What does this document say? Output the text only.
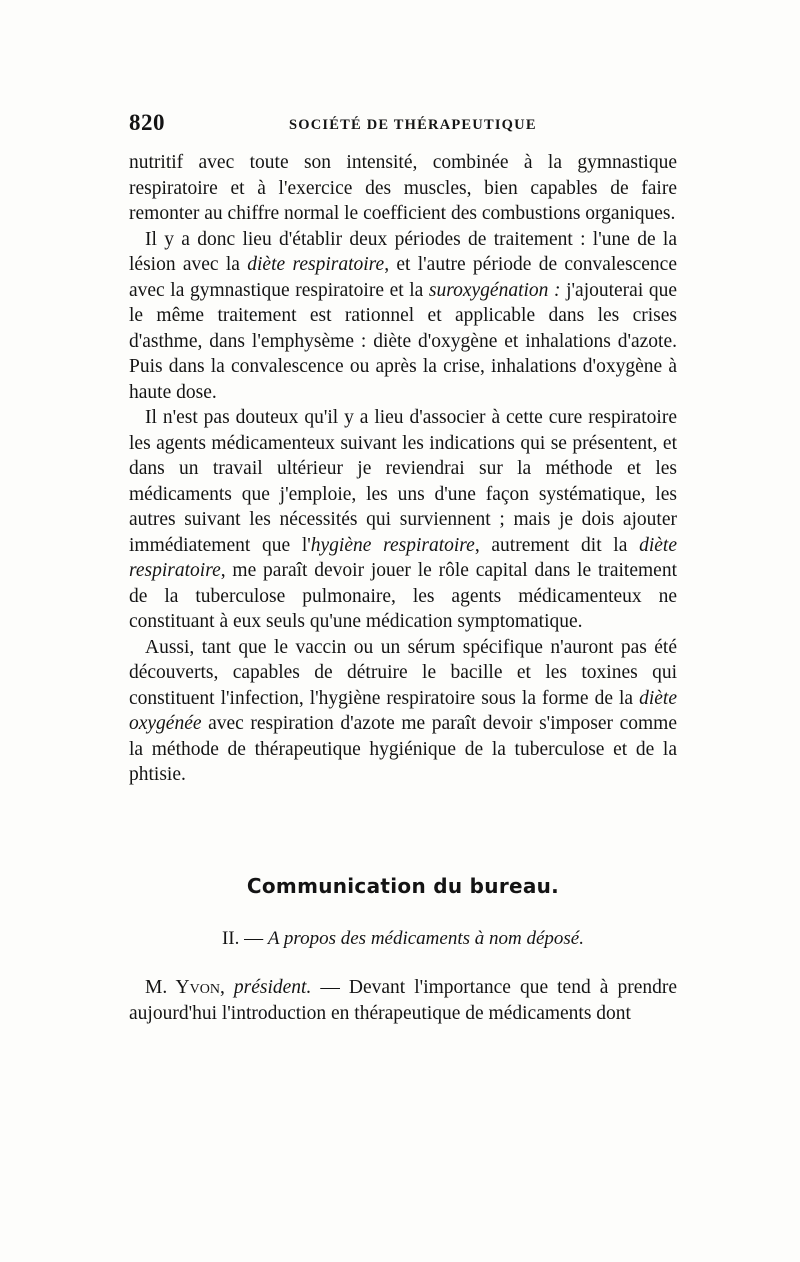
820	SOCIÉTÉ DE THÉRAPEUTIQUE

nutritif avec toute son intensité, combinée à la gymnastique respiratoire et à l'exercice des muscles, bien capables de faire remonter au chiffre normal le coefficient des combustions organiques.

Il y a donc lieu d'établir deux périodes de traitement : l'une de la lésion avec la diète respiratoire, et l'autre période de convalescence avec la gymnastique respiratoire et la suroxygénation : j'ajouterai que le même traitement est rationnel et applicable dans les crises d'asthme, dans l'emphysème : diète d'oxygène et inhalations d'azote. Puis dans la convalescence ou après la crise, inhalations d'oxygène à haute dose.

Il n'est pas douteux qu'il y a lieu d'associer à cette cure respiratoire les agents médicamenteux suivant les indications qui se présentent, et dans un travail ultérieur je reviendrai sur la méthode et les médicaments que j'emploie, les uns d'une façon systématique, les autres suivant les nécessités qui surviennent ; mais je dois ajouter immédiatement que l'hygiène respiratoire, autrement dit la diète respiratoire, me paraît devoir jouer le rôle capital dans le traitement de la tuberculose pulmonaire, les agents médicamenteux ne constituant à eux seuls qu'une médication symptomatique.

Aussi, tant que le vaccin ou un sérum spécifique n'auront pas été découverts, capables de détruire le bacille et les toxines qui constituent l'infection, l'hygiène respiratoire sous la forme de la diète oxygénée avec respiration d'azote me paraît devoir s'imposer comme la méthode de thérapeutique hygiénique de la tuberculose et de la phtisie.

Communication du bureau.
II. — A propos des médicaments à nom déposé.

M. Yvon, président. — Devant l'importance que tend à prendre aujourd'hui l'introduction en thérapeutique de médicaments dont
